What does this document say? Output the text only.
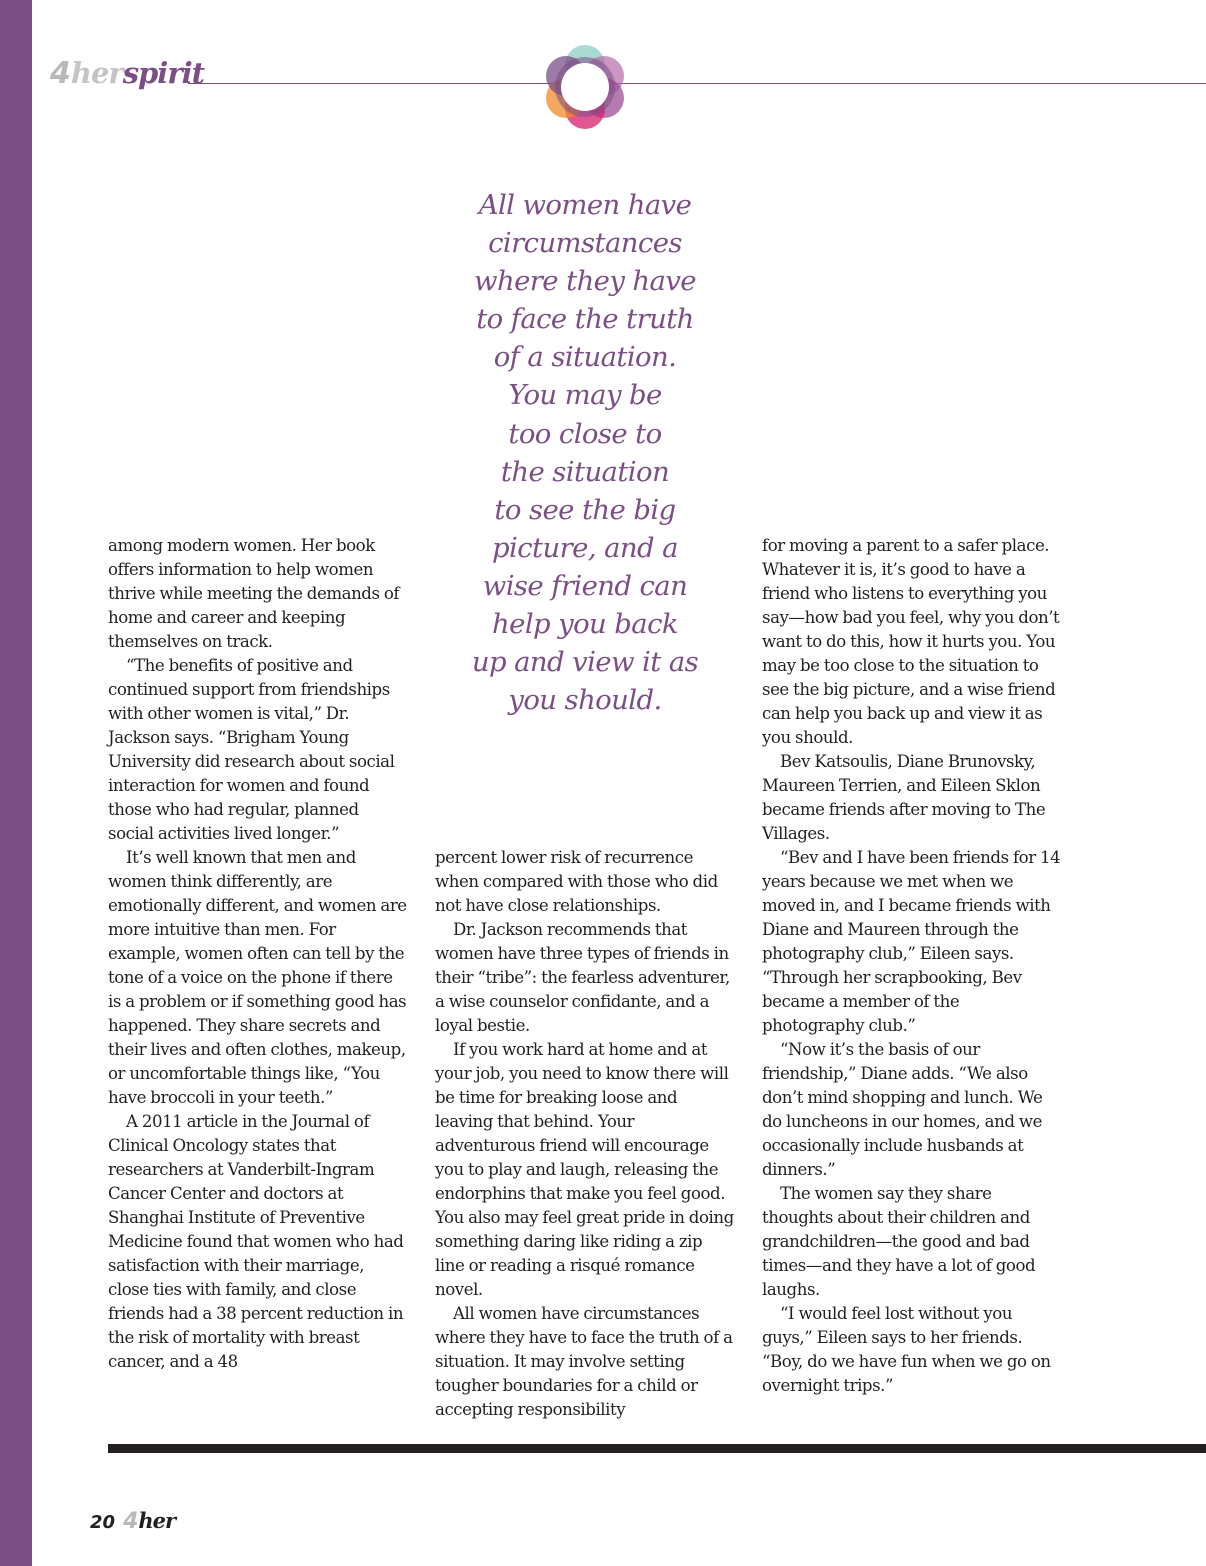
4herspirit
All women have
circumstances
where they have
to face the truth
of a situation.
You may be
too close to
the situation
to see the big
picture, and a
wise friend can
help you back
up and view it as
you should.

among modern women. Her book offers information to help women thrive while meeting the demands of home and career and keeping themselves on track.

“The benefits of positive and continued support from friendships with other women is vital,” Dr. Jackson says. “Brigham Young University did research about social interaction for women and found those who had regular, planned social activities lived longer.”

It’s well known that men and women think differently, are emotionally different, and women are more intuitive than men. For example, women often can tell by the tone of a voice on the phone if there is a problem or if something good has happened. They share secrets and their lives and often clothes, makeup, or uncomfortable things like, “You have broccoli in your teeth.”

A 2011 article in the Journal of Clinical Oncology states that researchers at Vanderbilt-Ingram Cancer Center and doctors at Shanghai Institute of Preventive Medicine found that women who had satisfaction with their marriage, close ties with family, and close friends had a 38 percent reduction in the risk of mortality with breast cancer, and a 48

percent lower risk of recurrence when compared with those who did not have close relationships.

Dr. Jackson recommends that women have three types of friends in their “tribe”: the fearless adventurer, a wise counselor confidante, and a loyal bestie.

If you work hard at home and at your job, you need to know there will be time for breaking loose and leaving that behind. Your adventurous friend will encourage you to play and laugh, releasing the endorphins that make you feel good. You also may feel great pride in doing something daring like riding a zip line or reading a risqué romance novel.

All women have circumstances where they have to face the truth of a situation. It may involve setting tougher boundaries for a child or accepting responsibility

for moving a parent to a safer place. Whatever it is, it’s good to have a friend who listens to everything you say—how bad you feel, why you don’t want to do this, how it hurts you. You may be too close to the situation to see the big picture, and a wise friend can help you back up and view it as you should.

Bev Katsoulis, Diane Brunovsky, Maureen Terrien, and Eileen Sklon became friends after moving to The Villages.

“Bev and I have been friends for 14 years because we met when we moved in, and I became friends with Diane and Maureen through the photography club,” Eileen says. “Through her scrapbooking, Bev became a member of the photography club.”

“Now it’s the basis of our friendship,” Diane adds. “We also don’t mind shopping and lunch. We do luncheons in our homes, and we occasionally include husbands at dinners.”

The women say they share thoughts about their children and grandchildren—the good and bad times—and they have a lot of good laughs.

“I would feel lost without you guys,” Eileen says to her friends. “Boy, do we have fun when we go on overnight trips.”

20 4her
